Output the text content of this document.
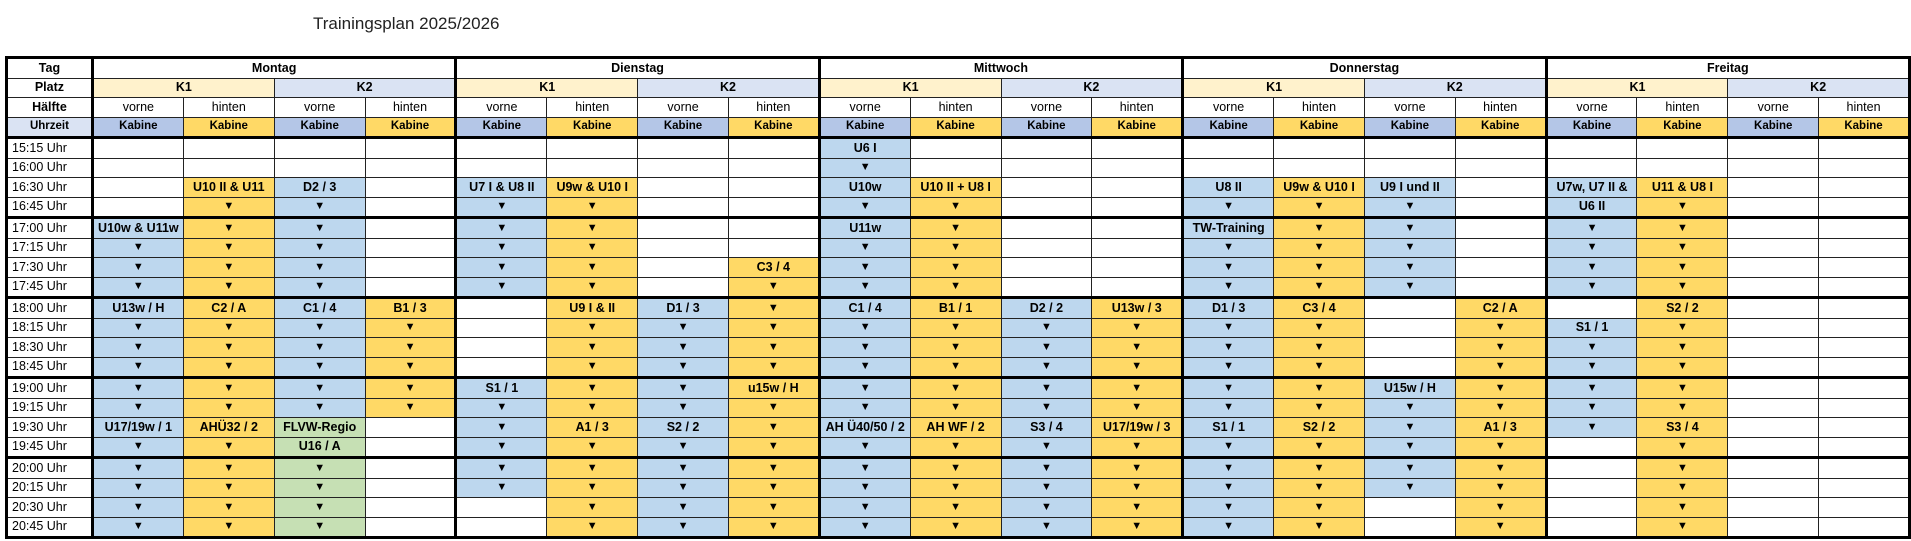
Trainingsplan 2025/2026
Tag	Montag				Dienstag				Mittwoch				Donnerstag				Freitag			
Platz	K1		K2		K1		K2		K1		K2		K1		K2		K1		K2	
Hälfte	vorne	hinten	vorne	hinten	vorne	hinten	vorne	hinten	vorne	hinten	vorne	hinten	vorne	hinten	vorne	hinten	vorne	hinten	vorne	hinten
Uhrzeit	Kabine	Kabine	Kabine	Kabine	Kabine	Kabine	Kabine	Kabine	Kabine	Kabine	Kabine	Kabine	Kabine	Kabine	Kabine	Kabine	Kabine	Kabine	Kabine	Kabine
15:15 Uhr									U6 I											
16:00 Uhr									▼											
16:30 Uhr		U10 II & U11	D2 / 3		U7 I & U8 II	U9w & U10 I			U10w	U10 II + U8 I			U8 II	U9w & U10 I	U9 I und II		U7w, U7 II &	U11 & U8 I		
16:45 Uhr		▼	▼		▼	▼			▼	▼			▼	▼	▼		U6 II	▼		
17:00 Uhr	U10w & U11w	▼	▼		▼	▼			U11w	▼			TW-Training	▼	▼		▼	▼		
17:15 Uhr	▼	▼	▼		▼	▼			▼	▼			▼	▼	▼		▼	▼		
17:30 Uhr	▼	▼	▼		▼	▼		C3 / 4	▼	▼			▼	▼	▼		▼	▼		
17:45 Uhr	▼	▼	▼		▼	▼		▼	▼	▼			▼	▼	▼		▼	▼		
18:00 Uhr	U13w / H	C2 / A	C1 / 4	B1 / 3		U9 I & II	D1 / 3	▼	C1 / 4	B1 / 1	D2 / 2	U13w / 3	D1 / 3	C3 / 4		C2 / A		S2 / 2		
18:15 Uhr	▼	▼	▼	▼		▼	▼	▼	▼	▼	▼	▼	▼	▼		▼	S1 / 1	▼		
18:30 Uhr	▼	▼	▼	▼		▼	▼	▼	▼	▼	▼	▼	▼	▼		▼	▼	▼		
18:45 Uhr	▼	▼	▼	▼		▼	▼	▼	▼	▼	▼	▼	▼	▼		▼	▼	▼		
19:00 Uhr	▼	▼	▼	▼	S1 / 1	▼	▼	u15w / H	▼	▼	▼	▼	▼	▼	U15w / H	▼	▼	▼		
19:15 Uhr	▼	▼	▼	▼	▼	▼	▼	▼	▼	▼	▼	▼	▼	▼	▼	▼	▼	▼		
19:30 Uhr	U17/19w / 1	AHÜ32 / 2	FLVW-Regio		▼	A1 / 3	S2 / 2	▼	AH Ü40/50 / 2	AH WF / 2	S3 / 4	U17/19w / 3	S1 / 1	S2 / 2	▼	A1 / 3	▼	S3 / 4		
19:45 Uhr	▼	▼	U16 / A		▼	▼	▼	▼	▼	▼	▼	▼	▼	▼	▼	▼		▼		
20:00 Uhr	▼	▼	▼		▼	▼	▼	▼	▼	▼	▼	▼	▼	▼	▼	▼		▼		
20:15 Uhr	▼	▼	▼		▼	▼	▼	▼	▼	▼	▼	▼	▼	▼	▼	▼		▼		
20:30 Uhr	▼	▼	▼			▼	▼	▼	▼	▼	▼	▼	▼	▼		▼		▼		
20:45 Uhr	▼	▼	▼			▼	▼	▼	▼	▼	▼	▼	▼	▼		▼		▼		
